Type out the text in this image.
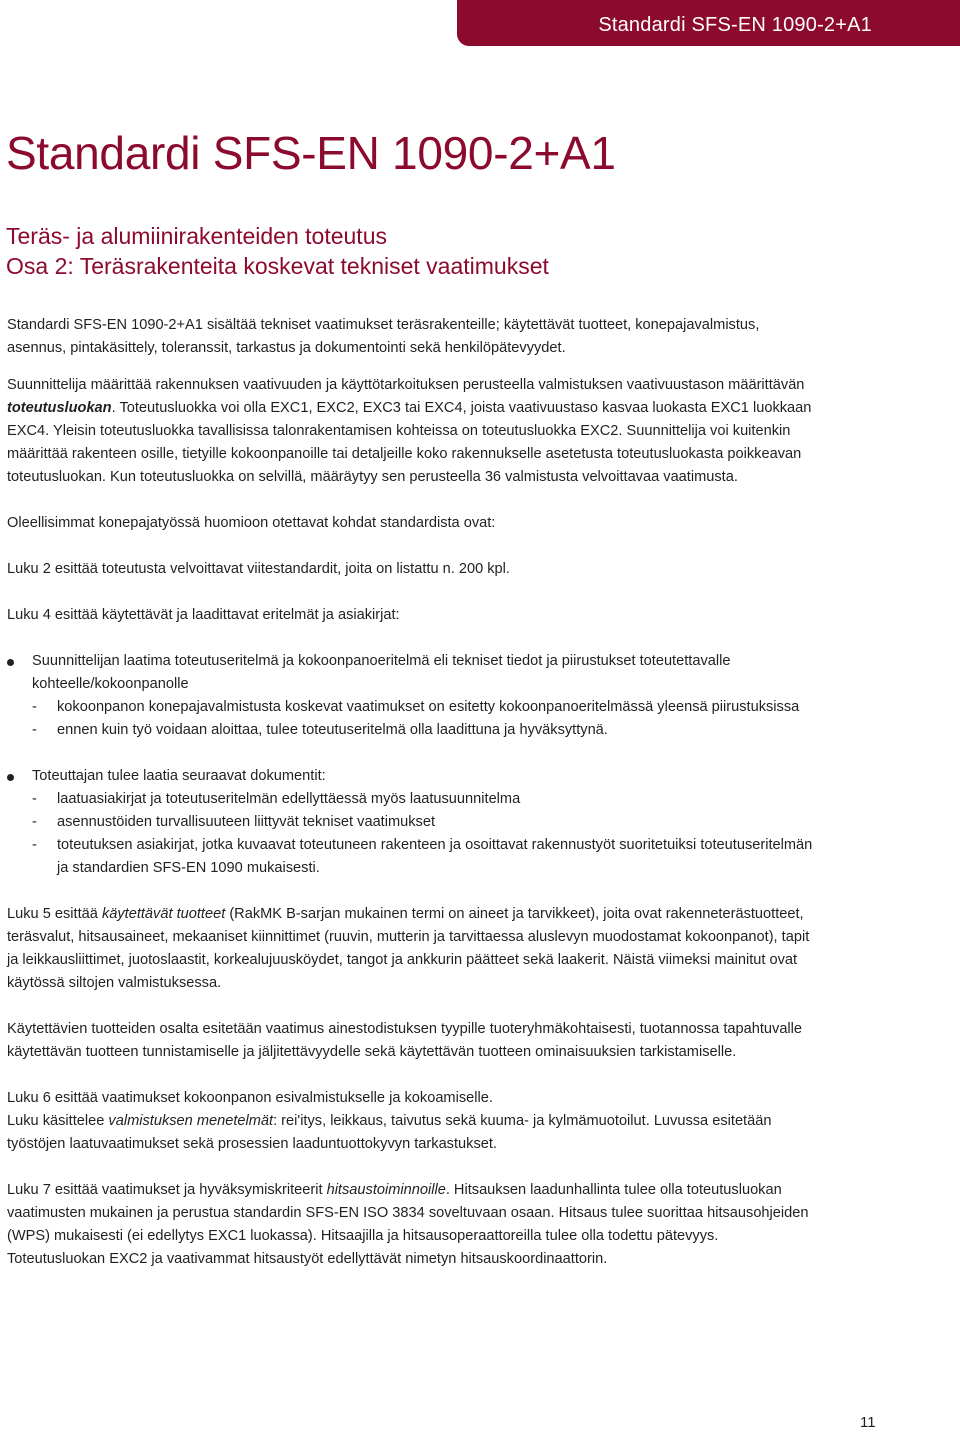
Standardi SFS-EN 1090-2+A1
Standardi SFS-EN 1090-2+A1
Teräs- ja alumiinirakenteiden toteutus
Osa 2: Teräsrakenteita koskevat tekniset vaatimukset

Standardi SFS-EN 1090-2+A1 sisältää tekniset vaatimukset teräsrakenteille; käytettävät tuotteet, konepajavalmistus, asennus, pintakäsittely, toleranssit, tarkastus ja dokumentointi sekä henkilöpätevyydet.

Suunnittelija määrittää rakennuksen vaativuuden ja käyttötarkoituksen perusteella valmistuksen vaativuustason määrittävän toteutusluokan. Toteutusluokka voi olla EXC1, EXC2, EXC3 tai EXC4, joista vaativuustaso kasvaa luokasta EXC1 luokkaan EXC4. Yleisin toteutusluokka tavallisissa talonrakentamisen kohteissa on toteutusluokka EXC2. Suunnittelija voi kuitenkin määrittää rakenteen osille, tietyille kokoonpanoille tai detaljeille koko rakennukselle asetetusta toteutusluokasta poikkeavan toteutusluokan. Kun toteutusluokka on selvillä, määräytyy sen perusteella 36 valmistusta velvoittavaa vaatimusta.

Oleellisimmat konepajatyössä huomioon otettavat kohdat standardista ovat:

Luku 2 esittää toteutusta velvoittavat viitestandardit, joita on listattu n. 200 kpl.

Luku 4 esittää käytettävät ja laadittavat eritelmät ja asiakirjat:

Suunnittelijan laatima toteutuseritelmä ja kokoonpanoeritelmä eli tekniset tiedot ja piirustukset toteutettavalle kohteelle/kokoonpanolle
- kokoonpanon konepajavalmistusta koskevat vaatimukset on esitetty kokoonpanoeritelmässä yleensä piirustuksissa
- ennen kuin työ voidaan aloittaa, tulee toteutuseritelmä olla laadittuna ja hyväksyttynä.
Toteuttajan tulee laatia seuraavat dokumentit:
- laatuasiakirjat ja toteutuseritelmän edellyttäessä myös laatusuunnitelma
- asennustöiden turvallisuuteen liittyvät tekniset vaatimukset
- toteutuksen asiakirjat, jotka kuvaavat toteutuneen rakenteen ja osoittavat rakennustyöt suoritetuiksi toteutuseritelmän ja standardien SFS-EN 1090 mukaisesti.

Luku 5 esittää käytettävät tuotteet (RakMK B-sarjan mukainen termi on aineet ja tarvikkeet), joita ovat rakenneterästuotteet, teräsvalut, hitsausaineet, mekaaniset kiinnittimet (ruuvin, mutterin ja tarvittaessa aluslevyn muodostamat kokoonpanot), tapit ja leikkausliittimet, juotoslaastit, korkealujuusköydet, tangot ja ankkurin päätteet sekä laakerit. Näistä viimeksi mainitut ovat käytössä siltojen valmistuksessa.

Käytettävien tuotteiden osalta esitetään vaatimus ainestodistuksen tyypille tuoteryhmäkohtaisesti, tuotannossa tapahtuvalle käytettävän tuotteen tunnistamiselle ja jäljitettävyydelle sekä käytettävän tuotteen ominaisuuksien tarkistamiselle.

Luku 6 esittää vaatimukset kokoonpanon esivalmistukselle ja kokoamiselle.

Luku käsittelee valmistuksen menetelmät: rei'itys, leikkaus, taivutus sekä kuuma- ja kylmämuotoilut. Luvussa esitetään työstöjen laatuvaatimukset sekä prosessien laaduntuottokyvyn tarkastukset.

Luku 7 esittää vaatimukset ja hyväksymiskriteerit hitsaustoiminnoille. Hitsauksen laadunhallinta tulee olla toteutusluokan vaatimusten mukainen ja perustua standardin SFS-EN ISO 3834 soveltuvaan osaan. Hitsaus tulee suorittaa hitsausohjeiden (WPS) mukaisesti (ei edellytys EXC1 luokassa). Hitsaajilla ja hitsausoperaattoreilla tulee olla todettu pätevyys. Toteutusluokan EXC2 ja vaativammat hitsaustyöt edellyttävät nimetyn hitsauskoordinaattorin.

11
